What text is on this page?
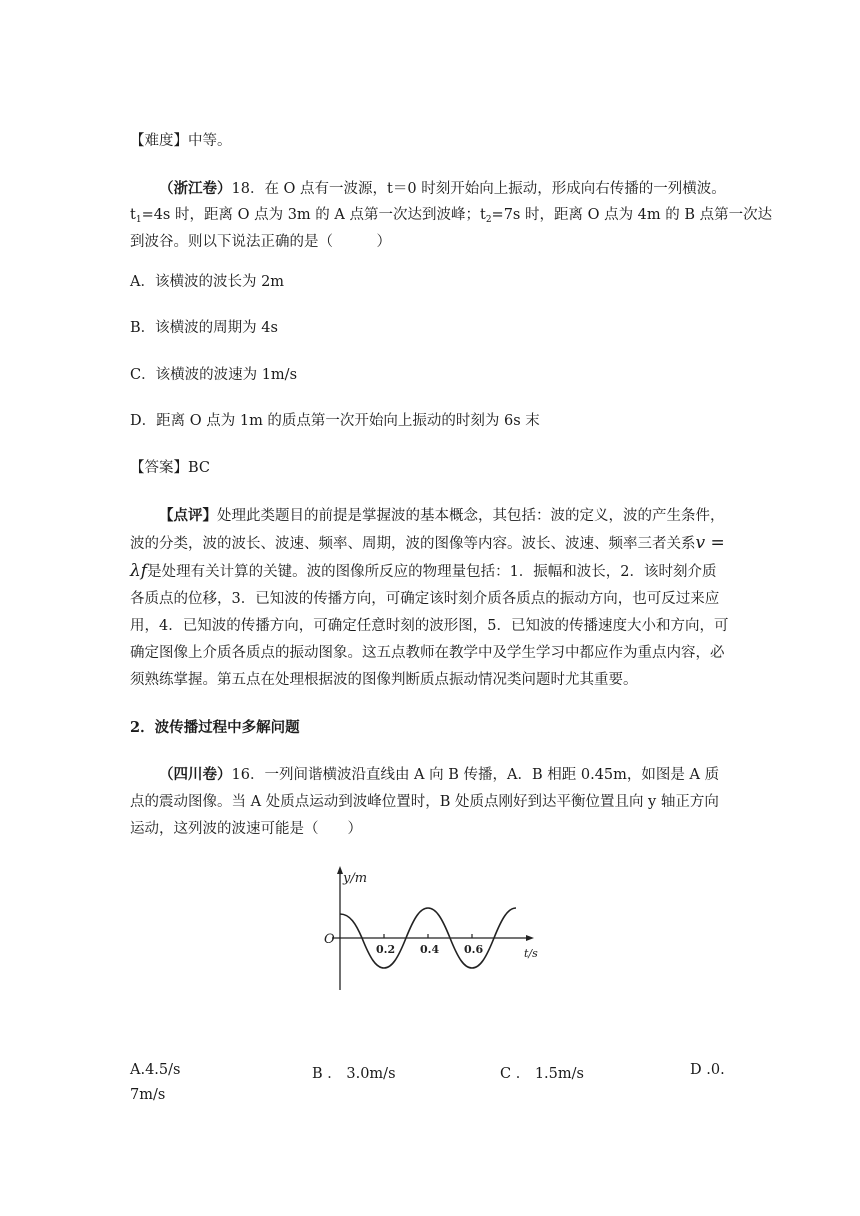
【难度】中等。

（浙江卷）18．在 O 点有一波源，t＝0 时刻开始向上振动，形成向右传播的一列横波。

$t_1=4s$ 时，距离 O 点为 3m 的 A 点第一次达到波峰；$t_2=7s$ 时，距离 O 点为 4m 的 B 点第一次达

到波谷。则以下说法正确的是（　　　）

A．该横波的波长为 2m

B．该横波的周期为 4s

C．该横波的波速为 1m/s

D．距离 O 点为 1m 的质点第一次开始向上振动的时刻为 6s 末

【答案】BC

【点评】处理此类题目的前提是掌握波的基本概念，其包括：波的定义，波的产生条件，波的分类，波的波长、波速、频率、周期，波的图像等内容。波长、波速、频率三者关系v = λf是处理有关计算的关键。波的图像所反应的物理量包括：1．振幅和波长，2．该时刻介质各质点的位移，3．已知波的传播方向，可确定该时刻介质各质点的振动方向，也可反过来应用，4．已知波的传播方向，可确定任意时刻的波形图，5．已知波的传播速度大小和方向，可确定图像上介质各质点的振动图象。这五点教师在教学中及学生学习中都应作为重点内容，必须熟练掌握。第五点在处理根据波的图像判断质点振动情况类问题时尤其重要。

2．波传播过程中多解问题

（四川卷）16．一列间谐横波沿直线由 A 向 B 传播，A．B 相距 0.45m，如图是 A 质点的震动图像。当 A 处质点运动到波峰位置时，B 处质点刚好到达平衡位置且向 y 轴正方向运动，这列波的波速可能是（　　）

y/m
t/s
O
0.2 0.4 0.6
A.4.5/s	B ． 3.0m/s	C ． 1.5m/s	D .0.
7m/s
